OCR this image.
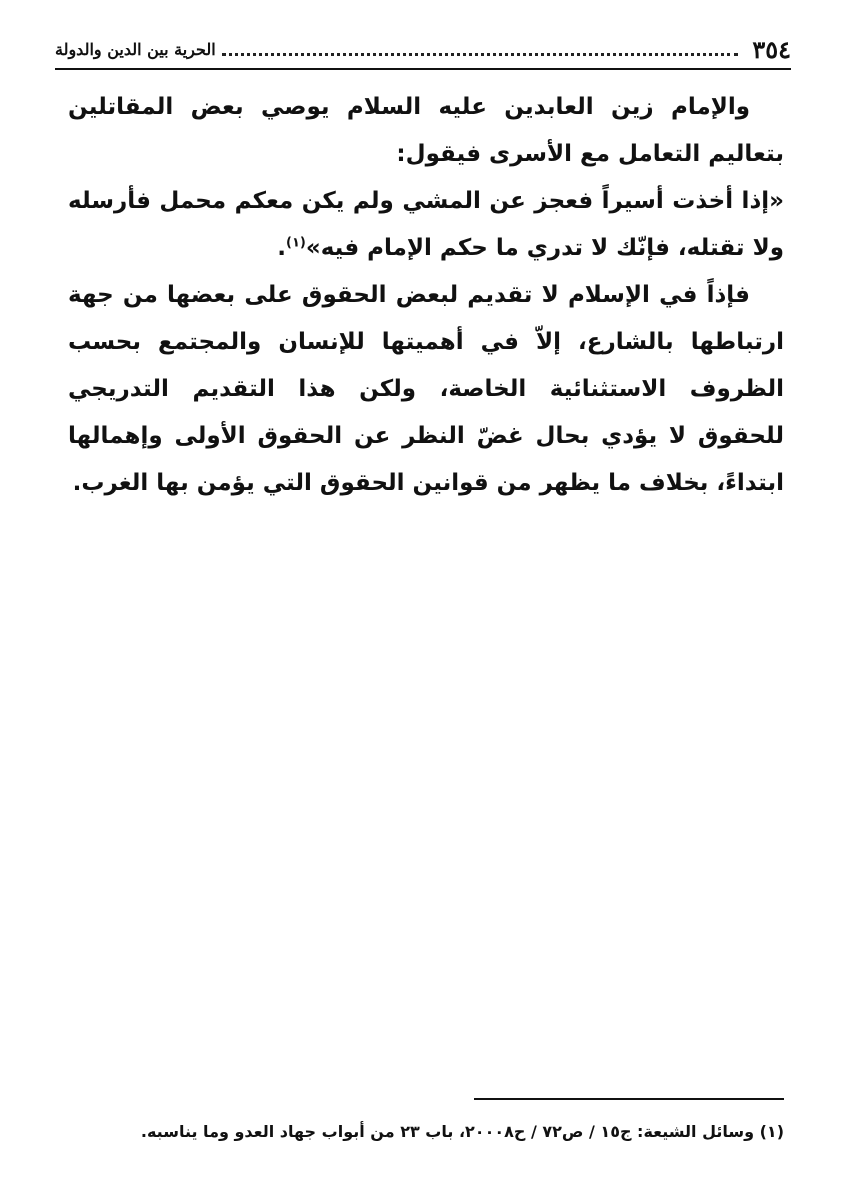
٣٥٤
الحرية بين الدين والدولة

والإمام زين العابدين عليه السلام يوصي بعض المقاتلين بتعاليم التعامل مع الأسرى فيقول:

«إذا أخذت أسيراً فعجز عن المشي ولم يكن معكم محمل فأرسله ولا تقتله، فإنّك لا تدري ما حكم الإمام فيه»$^{(١)}$.

فإذاً في الإسلام لا تقديم لبعض الحقوق على بعضها من جهة ارتباطها بالشارع، إلاّ في أهميتها للإنسان والمجتمع بحسب الظروف الاستثنائية الخاصة، ولكن هذا التقديم التدريجي للحقوق لا يؤدي بحال غضّ النظر عن الحقوق الأولى وإهمالها ابتداءً، بخلاف ما يظهر من قوانين الحقوق التي يؤمن بها الغرب.

(١) وسائل الشيعة: ج١٥ / ص٧٢ / ح٢٠٠٠٨، باب ٢٣ من أبواب جهاد العدو وما يناسبه.
